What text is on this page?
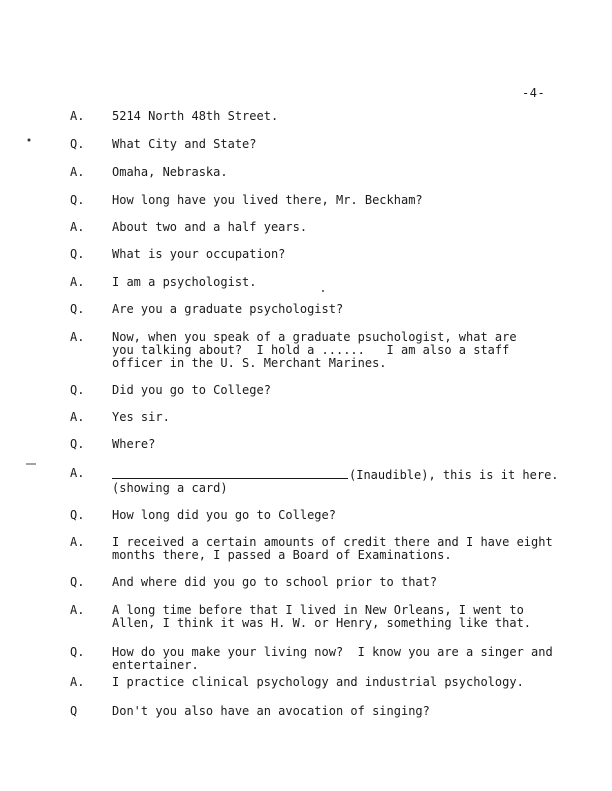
-4-
A. 5214 North 48th Street.
Q. What City and State?
A. Omaha, Nebraska.
Q. How long have you lived there, Mr. Beckham?
A. About two and a half years.
Q. What is your occupation?
A. I am a psychologist.
Q. Are you a graduate psychologist?
A. Now, when you speak of a graduate psuchologist, what are
you talking about?  I hold a ......   I am also a staff
officer in the U. S. Merchant Marines.
Q. Did you go to College?
A. Yes sir.
Q. Where?
A.	(Inaudible), this is it here.
(showing a card)
Q. How long did you go to College?
A. I received a certain amounts of credit there and I have eight
months there, I passed a Board of Examinations.
Q. And where did you go to school prior to that?
A. A long time before that I lived in New Orleans, I went to
Allen, I think it was H. W. or Henry, something like that.
Q. How do you make your living now?  I know you are a singer and
entertainer.
A. I practice clinical psychology and industrial psychology.
Q	Don't you also have an avocation of singing?
